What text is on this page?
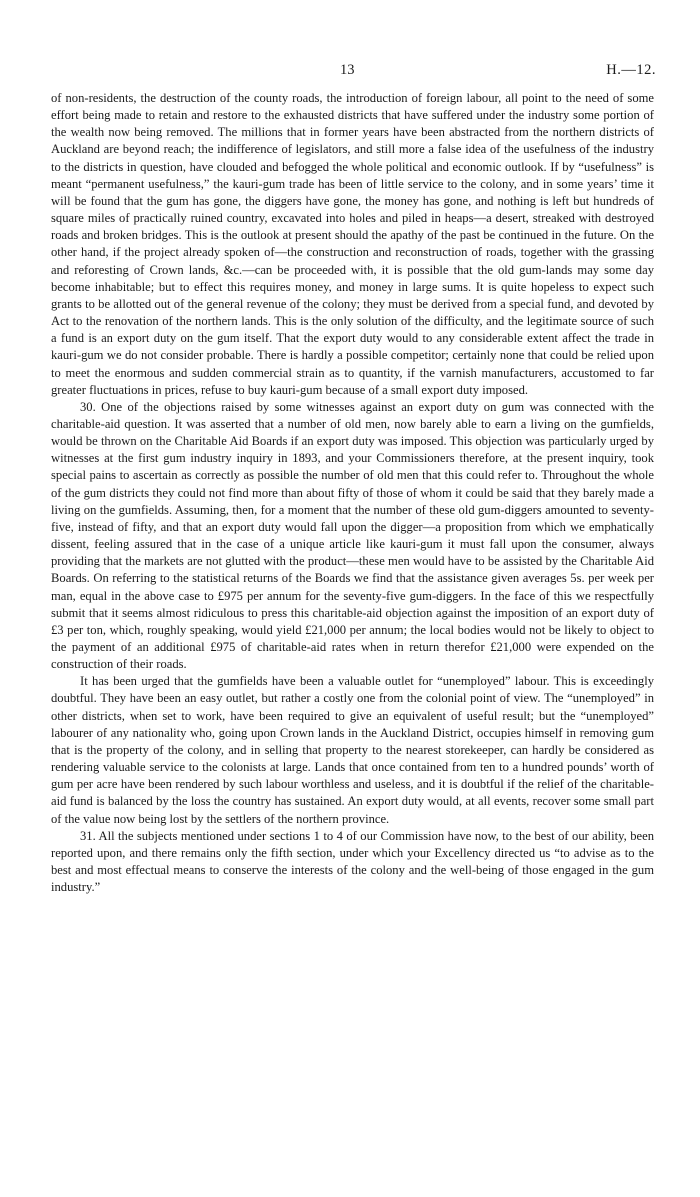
13	H.—12.

of non-residents, the destruction of the county roads, the introduction of foreign labour, all point to the need of some effort being made to retain and restore to the exhausted districts that have suffered under the industry some portion of the wealth now being removed. The millions that in former years have been abstracted from the northern districts of Auckland are beyond reach; the indifference of legislators, and still more a false idea of the usefulness of the industry to the districts in question, have clouded and befogged the whole political and economic outlook. If by “usefulness” is meant “permanent usefulness,” the kauri-gum trade has been of little service to the colony, and in some years’ time it will be found that the gum has gone, the diggers have gone, the money has gone, and nothing is left but hundreds of square miles of practically ruined country, excavated into holes and piled in heaps—a desert, streaked with destroyed roads and broken bridges. This is the outlook at present should the apathy of the past be continued in the future. On the other hand, if the project already spoken of—the construction and reconstruction of roads, together with the grassing and reforesting of Crown lands, &c.—can be proceeded with, it is possible that the old gum-lands may some day become inhabitable; but to effect this requires money, and money in large sums. It is quite hopeless to expect such grants to be allotted out of the general revenue of the colony; they must be derived from a special fund, and devoted by Act to the renovation of the northern lands. This is the only solution of the difficulty, and the legitimate source of such a fund is an export duty on the gum itself. That the export duty would to any considerable extent affect the trade in kauri-gum we do not consider probable. There is hardly a possible competitor; certainly none that could be relied upon to meet the enormous and sudden commercial strain as to quantity, if the varnish manufacturers, accustomed to far greater fluctuations in prices, refuse to buy kauri-gum because of a small export duty imposed.

30. One of the objections raised by some witnesses against an export duty on gum was connected with the charitable-aid question. It was asserted that a number of old men, now barely able to earn a living on the gumfields, would be thrown on the Charitable Aid Boards if an export duty was imposed. This objection was particularly urged by witnesses at the first gum industry inquiry in 1893, and your Commissioners therefore, at the present inquiry, took special pains to ascertain as correctly as possible the number of old men that this could refer to. Throughout the whole of the gum districts they could not find more than about fifty of those of whom it could be said that they barely made a living on the gumfields. Assuming, then, for a moment that the number of these old gum-diggers amounted to seventy-five, instead of fifty, and that an export duty would fall upon the digger—a proposition from which we emphatically dissent, feeling assured that in the case of a unique article like kauri-gum it must fall upon the consumer, always providing that the markets are not glutted with the product—these men would have to be assisted by the Charitable Aid Boards. On referring to the statistical returns of the Boards we find that the assistance given averages 5s. per week per man, equal in the above case to £975 per annum for the seventy-five gum-diggers. In the face of this we respectfully submit that it seems almost ridiculous to press this charitable-aid objection against the imposition of an export duty of £3 per ton, which, roughly speaking, would yield £21,000 per annum; the local bodies would not be likely to object to the payment of an additional £975 of charitable-aid rates when in return therefor £21,000 were expended on the construction of their roads.

It has been urged that the gumfields have been a valuable outlet for “unemployed” labour. This is exceedingly doubtful. They have been an easy outlet, but rather a costly one from the colonial point of view. The “unemployed” in other districts, when set to work, have been required to give an equivalent of useful result; but the “unemployed” labourer of any nationality who, going upon Crown lands in the Auckland District, occupies himself in removing gum that is the property of the colony, and in selling that property to the nearest storekeeper, can hardly be considered as rendering valuable service to the colonists at large. Lands that once contained from ten to a hundred pounds’ worth of gum per acre have been rendered by such labour worthless and useless, and it is doubtful if the relief of the charitable-aid fund is balanced by the loss the country has sustained. An export duty would, at all events, recover some small part of the value now being lost by the settlers of the northern province.

31. All the subjects mentioned under sections 1 to 4 of our Commission have now, to the best of our ability, been reported upon, and there remains only the fifth section, under which your Excellency directed us “to advise as to the best and most effectual means to conserve the interests of the colony and the well-being of those engaged in the gum industry.”
